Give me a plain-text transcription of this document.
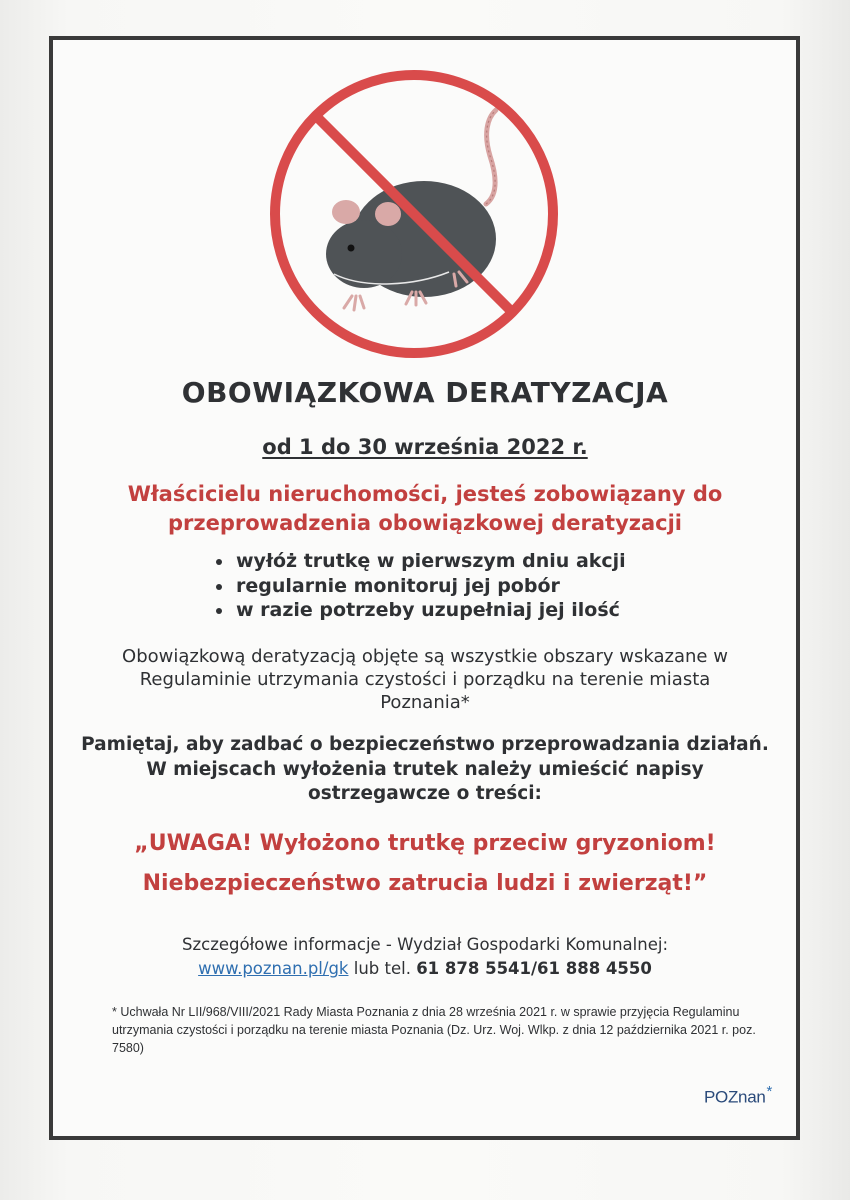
OBOWIĄZKOWA DERATYZACJA
od 1 do 30 września 2022 r.
Właścicielu nieruchomości, jesteś zobowiązany do przeprowadzenia obowiązkowej deratyzacji
• wyłóż trutkę w pierwszym dniu akcji
• regularnie monitoruj jej pobór
• w razie potrzeby uzupełniaj jej ilość
Obowiązkową deratyzacją objęte są wszystkie obszary wskazane w Regulaminie utrzymania czystości i porządku na terenie miasta Poznania*
Pamiętaj, aby zadbać o bezpieczeństwo przeprowadzania działań. W miejscach wyłożenia trutek należy umieścić napisy ostrzegawcze o treści:
„UWAGA! Wyłożono trutkę przeciw gryzoniom!
Niebezpieczeństwo zatrucia ludzi i zwierząt!”
Szczegółowe informacje - Wydział Gospodarki Komunalnej:
www.poznan.pl/gk lub tel. 61 878 5541/61 888 4550
* Uchwała Nr LII/968/VIII/2021 Rady Miasta Poznania z dnia 28 września 2021 r. w sprawie przyjęcia Regulaminu utrzymania czystości i porządku na terenie miasta Poznania (Dz. Urz. Woj. Wlkp. z dnia 12 października 2021 r. poz. 7580)
POZnan*
